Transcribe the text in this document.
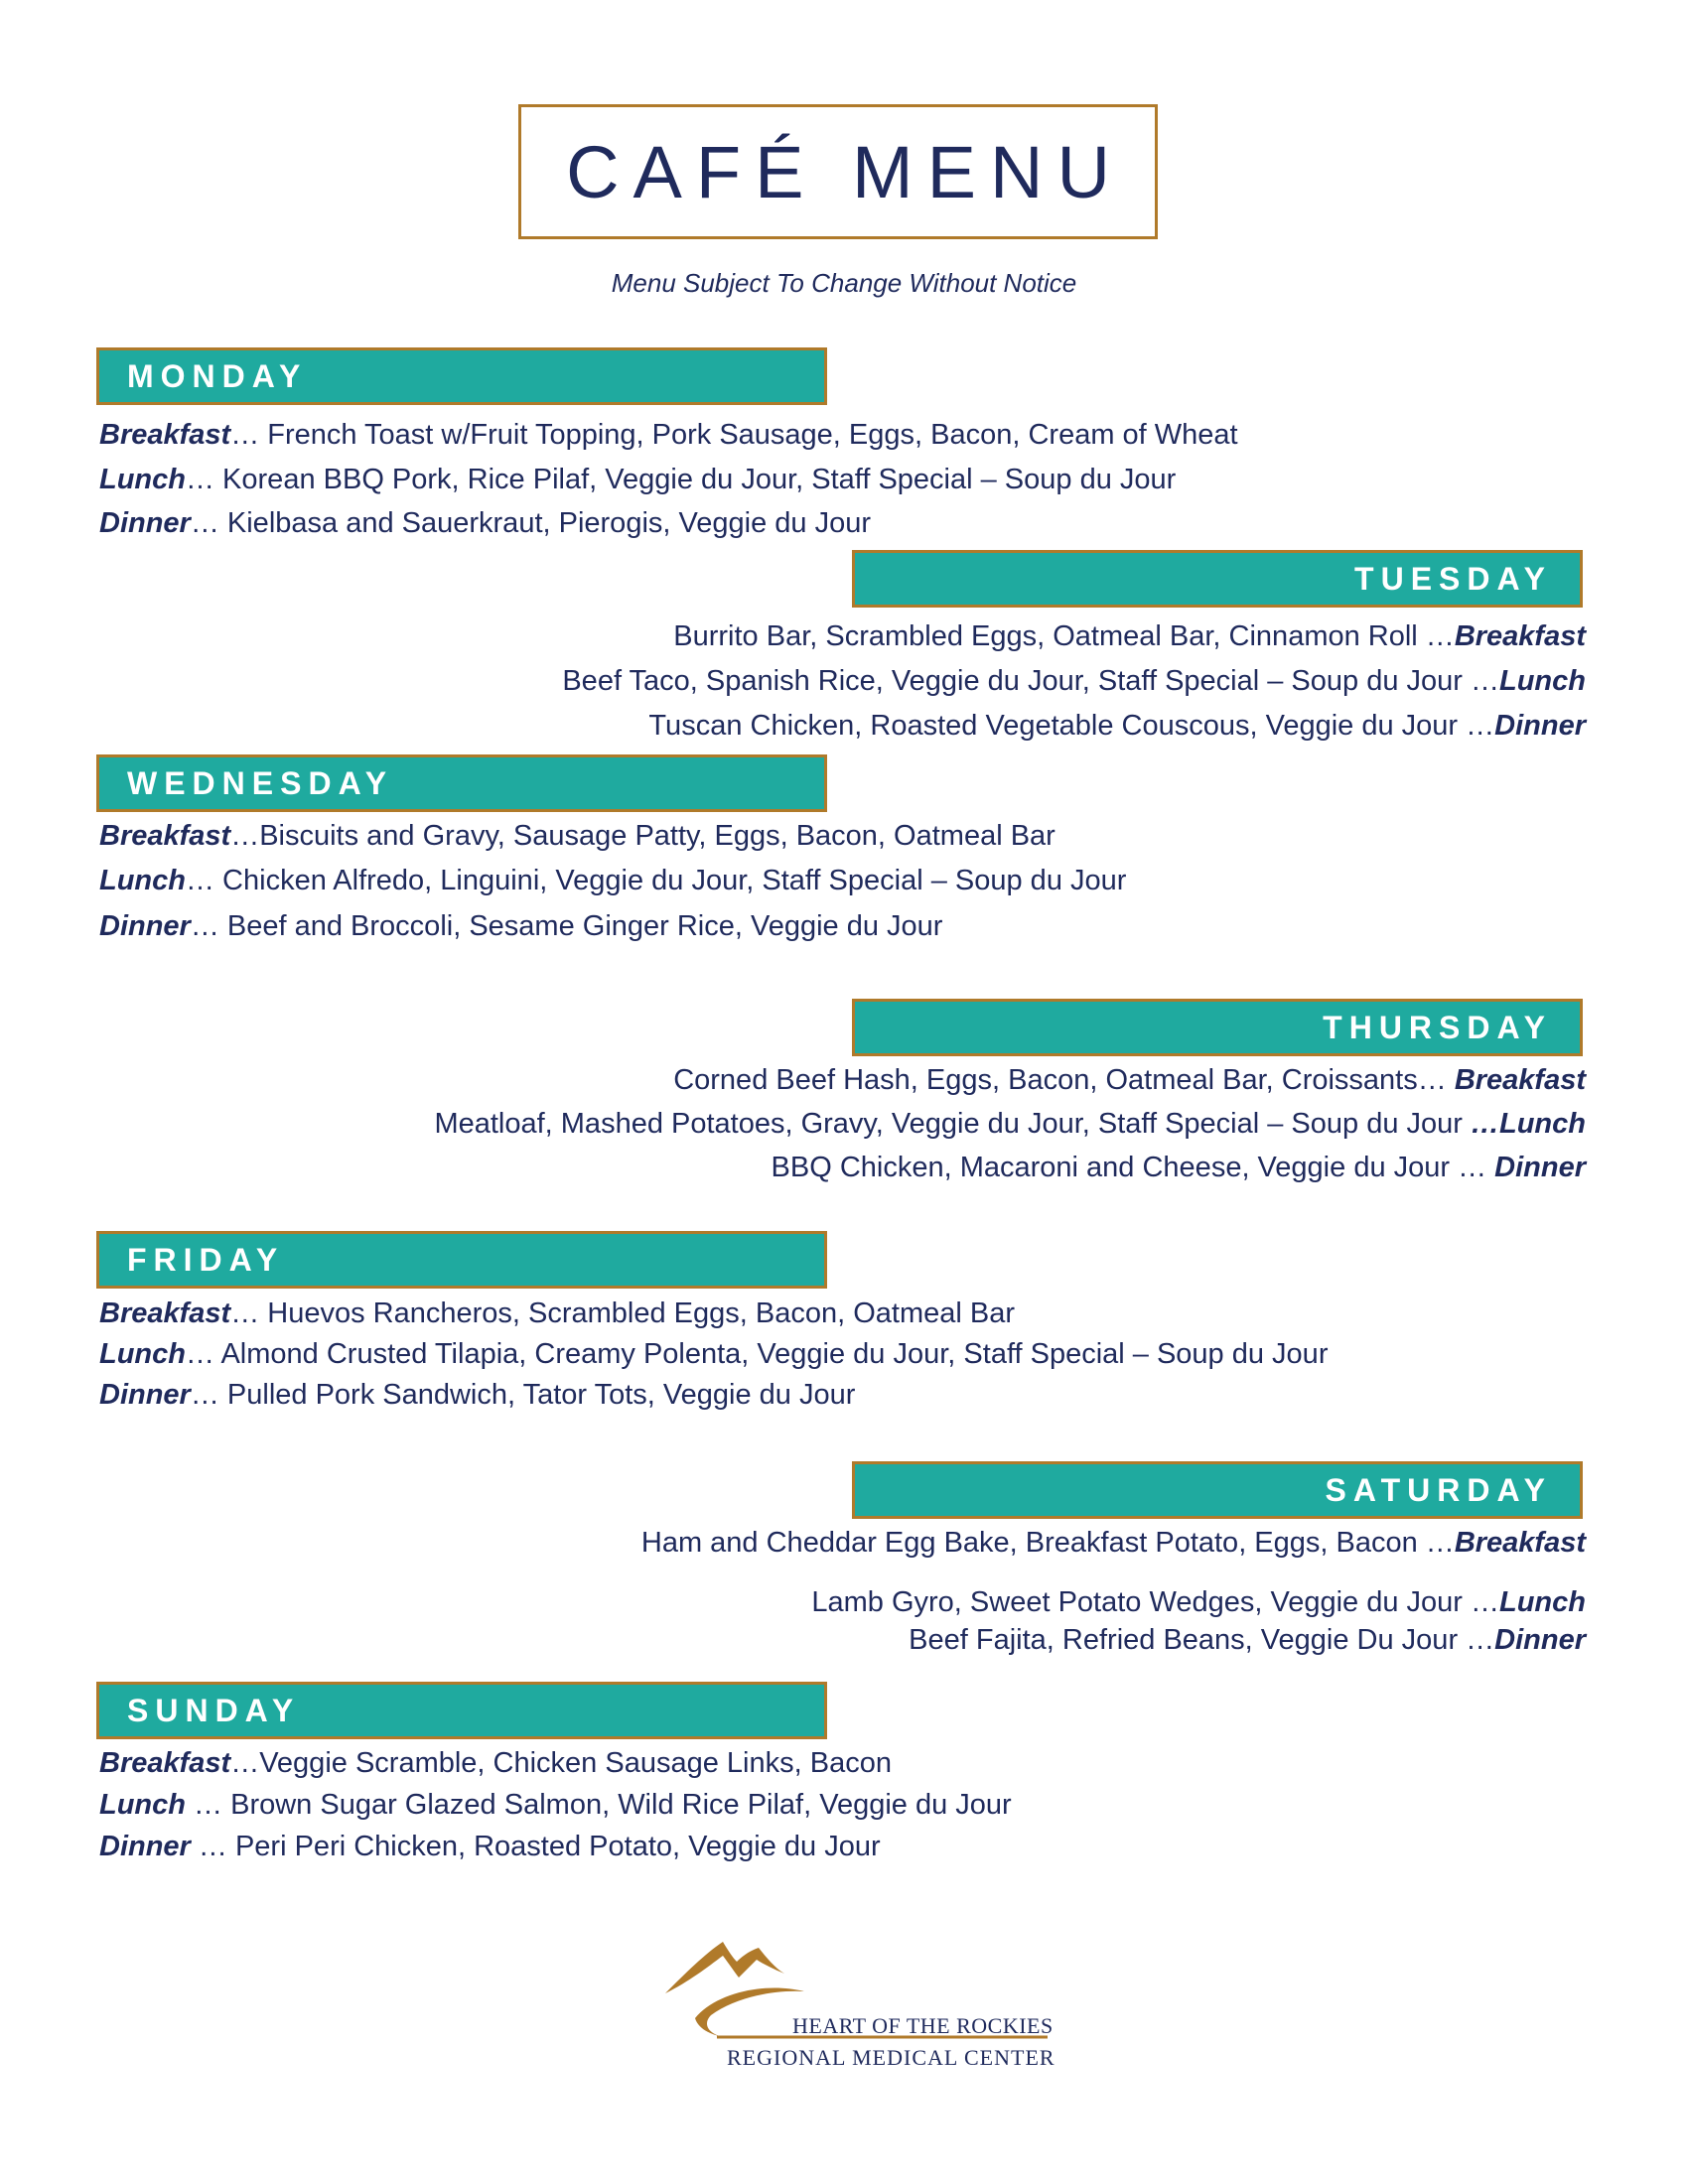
CAFÉ MENU
Menu Subject To Change Without Notice
MONDAY
Breakfast… French Toast w/Fruit Topping, Pork Sausage, Eggs, Bacon, Cream of Wheat
Lunch… Korean BBQ Pork, Rice Pilaf, Veggie du Jour, Staff Special – Soup du Jour
Dinner… Kielbasa and Sauerkraut, Pierogis, Veggie du Jour
TUESDAY
Burrito Bar, Scrambled Eggs, Oatmeal Bar, Cinnamon Roll …Breakfast
Beef Taco, Spanish Rice, Veggie du Jour, Staff Special – Soup du Jour …Lunch
Tuscan Chicken, Roasted Vegetable Couscous, Veggie du Jour …Dinner
WEDNESDAY
Breakfast…Biscuits and Gravy, Sausage Patty, Eggs, Bacon, Oatmeal Bar
Lunch… Chicken Alfredo, Linguini, Veggie du Jour, Staff Special – Soup du Jour
Dinner… Beef and Broccoli, Sesame Ginger Rice, Veggie du Jour
THURSDAY
Corned Beef Hash, Eggs, Bacon, Oatmeal Bar, Croissants… Breakfast
Meatloaf, Mashed Potatoes, Gravy, Veggie du Jour, Staff Special – Soup du Jour …Lunch
BBQ Chicken, Macaroni and Cheese, Veggie du Jour … Dinner
FRIDAY
Breakfast… Huevos Rancheros, Scrambled Eggs, Bacon, Oatmeal Bar
Lunch… Almond Crusted Tilapia, Creamy Polenta, Veggie du Jour, Staff Special – Soup du Jour
Dinner… Pulled Pork Sandwich, Tator Tots, Veggie du Jour
SATURDAY
Ham and Cheddar Egg Bake, Breakfast Potato, Eggs, Bacon …Breakfast
Lamb Gyro, Sweet Potato Wedges, Veggie du Jour …Lunch
Beef Fajita, Refried Beans, Veggie Du Jour …Dinner
SUNDAY
Breakfast…Veggie Scramble, Chicken Sausage Links, Bacon
Lunch … Brown Sugar Glazed Salmon, Wild Rice Pilaf, Veggie du Jour
Dinner … Peri Peri Chicken, Roasted Potato, Veggie du Jour
HEART OF THE ROCKIES
REGIONAL MEDICAL CENTER
